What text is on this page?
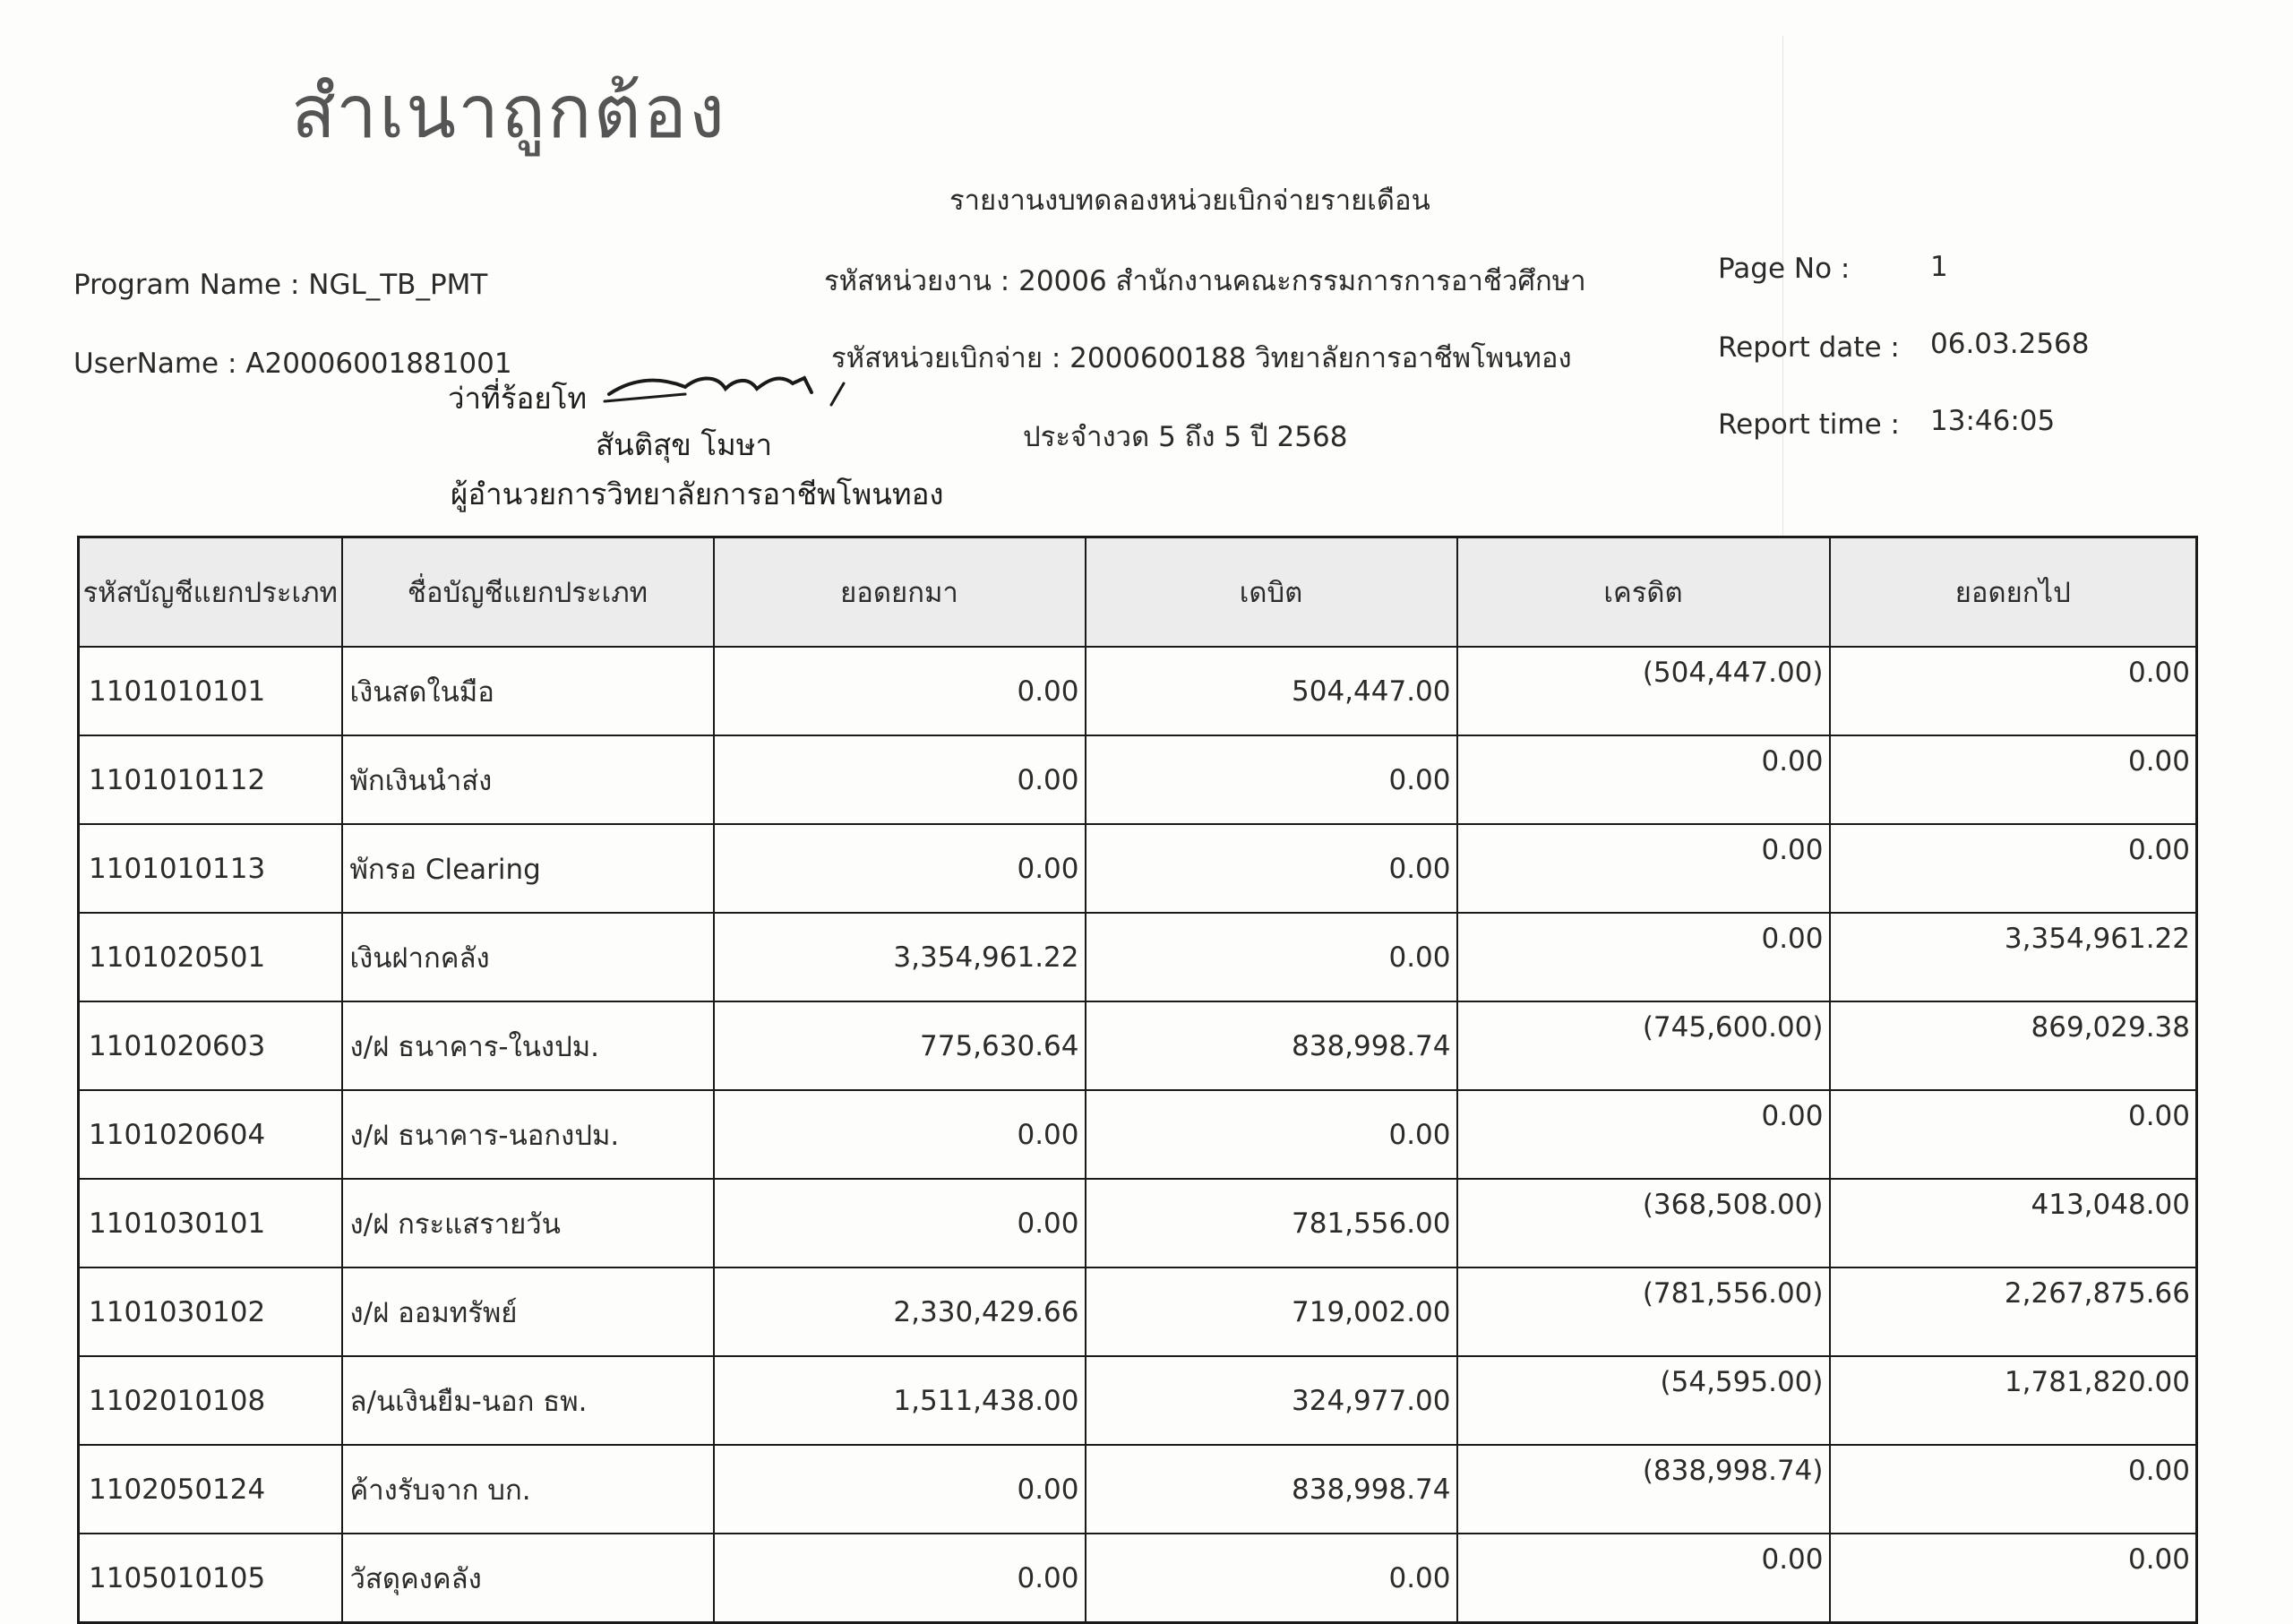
สำเนาถูกต้อง
รายงานงบทดลองหน่วยเบิกจ่ายรายเดือน
Program Name : NGL_TB_PMT
UserName : A20006001881001
รหัสหน่วยงาน : 20006 สำนักงานคณะกรรมการการอาชีวศึกษา
รหัสหน่วยเบิกจ่าย : 2000600188 วิทยาลัยการอาชีพโพนทอง
ประจำงวด 5 ถึง 5 ปี 2568
Page No :	1
Report date : 06.03.2568
Report time : 13:46:05
ว่าที่ร้อยโท
สันติสุข โมษา
ผู้อำนวยการวิทยาลัยการอาชีพโพนทอง
รหัสบัญชีแยกประเภท	ชื่อบัญชีแยกประเภท	ยอดยกมา	เดบิต	เครดิต	ยอดยกไป
1101010101	เงินสดในมือ	0.00	504,447.00	(504,447.00)	0.00
1101010112	พักเงินนำส่ง	0.00	0.00	0.00	0.00
1101010113	พักรอ Clearing	0.00	0.00	0.00	0.00
1101020501	เงินฝากคลัง	3,354,961.22	0.00	0.00	3,354,961.22
1101020603	ง/ฝ ธนาคาร-ในงปม.	775,630.64	838,998.74	(745,600.00)	869,029.38
1101020604	ง/ฝ ธนาคาร-นอกงปม.	0.00	0.00	0.00	0.00
1101030101	ง/ฝ กระแสรายวัน	0.00	781,556.00	(368,508.00)	413,048.00
1101030102	ง/ฝ ออมทรัพย์	2,330,429.66	719,002.00	(781,556.00)	2,267,875.66
1102010108	ล/นเงินยืม-นอก ธพ.	1,511,438.00	324,977.00	(54,595.00)	1,781,820.00
1102050124	ค้างรับจาก บก.	0.00	838,998.74	(838,998.74)	0.00
1105010105	วัสดุคงคลัง	0.00	0.00	0.00	0.00
